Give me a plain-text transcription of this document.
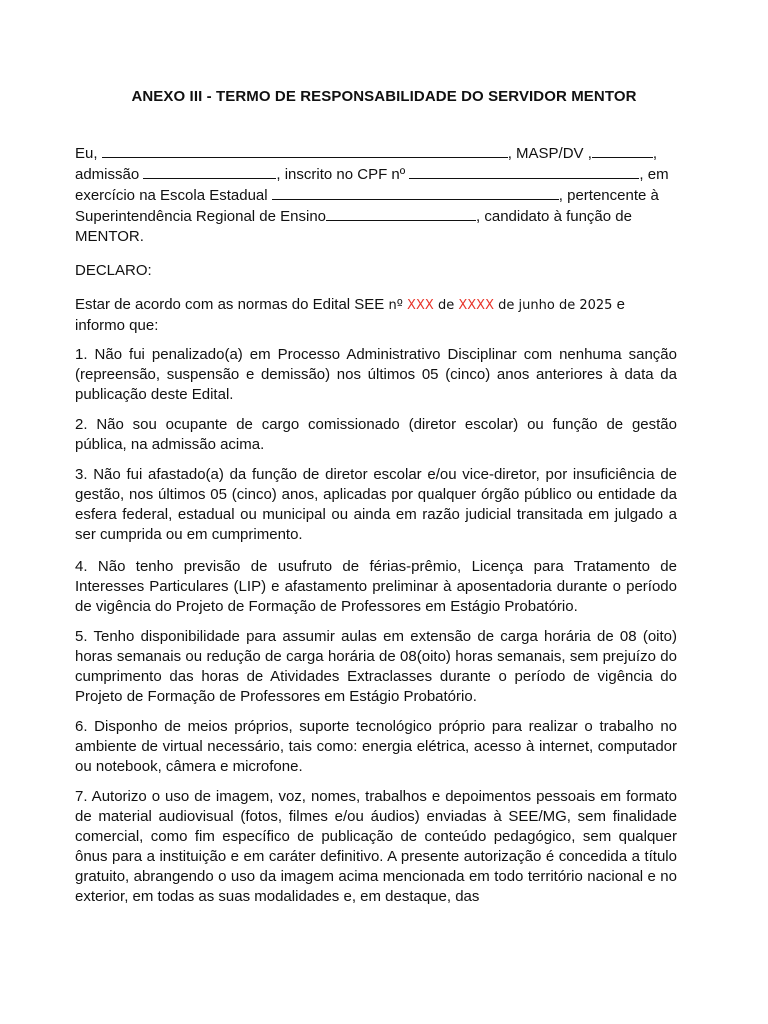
ANEXO III - TERMO DE RESPONSABILIDADE DO SERVIDOR MENTOR
Eu,	, MASP/DV ,	,
admissão	, inscrito no CPF nº	, em
exercício na Escola Estadual	, pertencente à
Superintendência Regional de Ensino	, candidato à função de
MENTOR.
DECLARO:
Estar de acordo com as normas do Edital SEE nº XXX de XXXX de junho de 2025 e
informo que:
1. Não fui penalizado(a) em Processo Administrativo Disciplinar com nenhuma sanção (repreensão, suspensão e demissão) nos últimos 05 (cinco) anos anteriores à data da publicação deste Edital.
2. Não sou ocupante de cargo comissionado (diretor escolar) ou função de gestão pública, na admissão acima.
3. Não fui afastado(a) da função de diretor escolar e/ou vice-diretor, por insuficiência de gestão, nos últimos 05 (cinco) anos, aplicadas por qualquer órgão público ou entidade da esfera federal, estadual ou municipal ou ainda em razão judicial transitada em julgado a ser cumprida ou em cumprimento.
4. Não tenho previsão de usufruto de férias-prêmio, Licença para Tratamento de Interesses Particulares (LIP) e afastamento preliminar à aposentadoria durante o período de vigência do Projeto de Formação de Professores em Estágio Probatório.
5. Tenho disponibilidade para assumir aulas em extensão de carga horária de 08 (oito) horas semanais ou redução de carga horária de 08(oito) horas semanais, sem prejuízo do cumprimento das horas de Atividades Extraclasses durante o período de vigência do Projeto de Formação de Professores em Estágio Probatório.
6. Disponho de meios próprios, suporte tecnológico próprio para realizar o trabalho no ambiente de virtual necessário, tais como: energia elétrica, acesso à internet, computador ou notebook, câmera e microfone.
7. Autorizo o uso de imagem, voz, nomes, trabalhos e depoimentos pessoais em formato de material audiovisual (fotos, filmes e/ou áudios) enviadas à SEE/MG, sem finalidade comercial, como fim específico de publicação de conteúdo pedagógico, sem qualquer ônus para a instituição e em caráter definitivo. A presente autorização é concedida a título gratuito, abrangendo o uso da imagem acima mencionada em todo território nacional e no exterior, em todas as suas modalidades e, em destaque, das
